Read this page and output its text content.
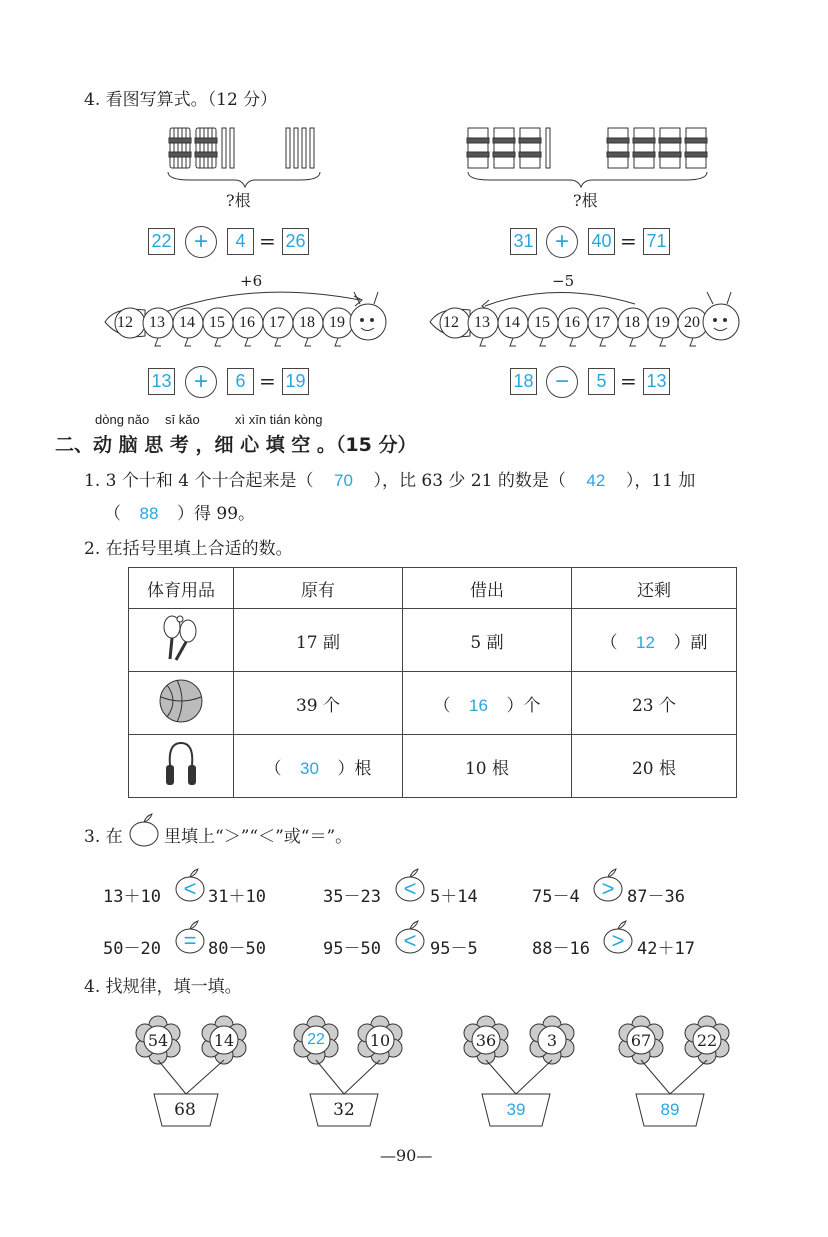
4. 看图写算式。（12 分）
?根	?根
22 +	4 = 26	31 +	40 = 71
+6
12 13 14 15 16 17 18 19
−5
12 13 14 15 16 17 18 19 20
13 +	6 = 19	18 −	5 = 13
dòng nǎo sī kǎo	xì xīn tián kòng
二、动 脑 思 考 ，细 心 填 空 。（15 分）
1. 3 个十和 4 个十合起来是（ 70 ），比 63 少 21 的数是（ 42 ），11 加
（ 88 ）得 99。
2. 在括号里填上合适的数。
体育用品	原有	借出	还剩
	17 副	5 副	（ 12 ）副
	39 个	（ 16 ）个	23 个
	（ 30 ）根	10 根	20 根
3. 在 里填上“＞”“＜”或“＝”。
13＋10	< 31＋10	35－23	< 5＋14	75－4 > 87－36
50－20	= 80－50	95－50	< 95－5	88－16 > 42＋17
4. 找规律，填一填。
54	14
68
22	10
32
36	3
39
67	22
89
—90—
